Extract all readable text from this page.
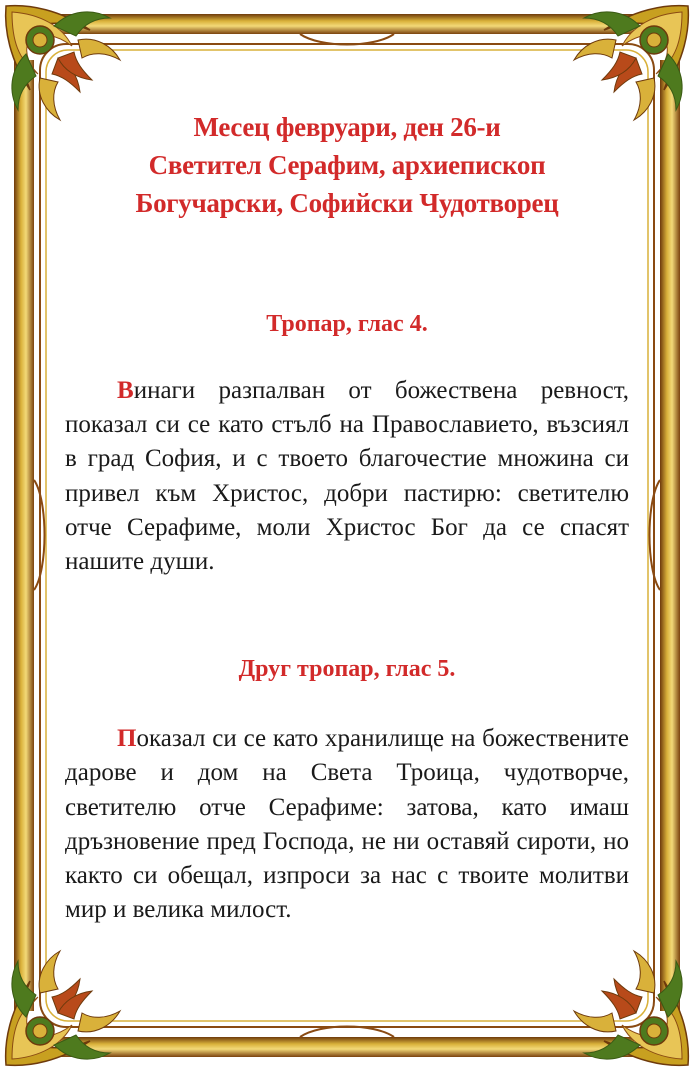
Месец февруари, ден 26-и

Светител Серафим, архиепископ

Богучарски, Софийски Чудотворец

Тропар, глас 4.

Винаги разпалван от божествена ревност, показал си се като стълб на Православието, възсиял в град София, и с твоето благочестие множина си привел към Христос, добри пастирю: светителю отче Серафиме, моли Христос Бог да се спасят нашите души.

Друг тропар, глас 5.

Показал си се като хранилище на божествените дарове и дом на Света Троица, чудотворче, светителю отче Серафиме: затова, като имаш дръзновение пред Господа, не ни оставяй сироти, но както си обещал, изпроси за нас с твоите молитви мир и велика милост.
